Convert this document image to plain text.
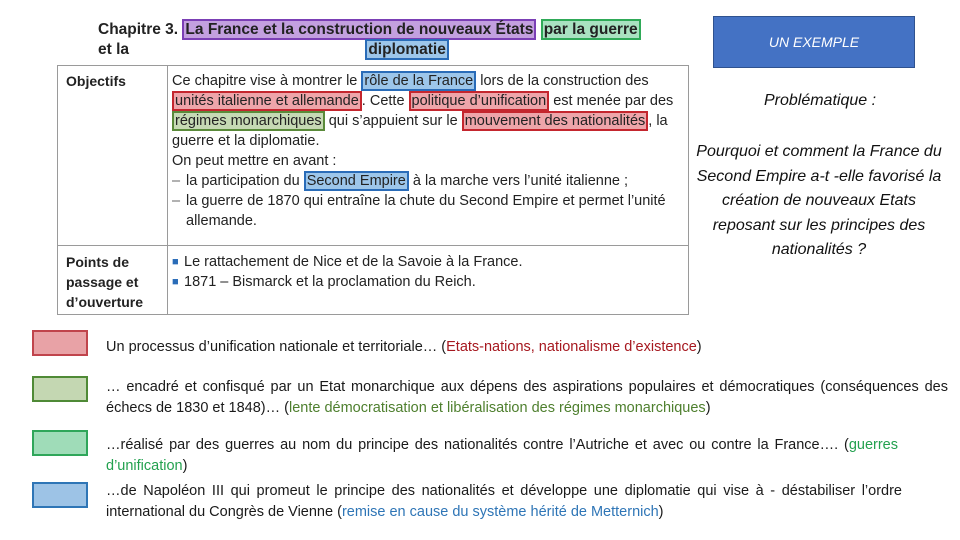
Chapitre 3. La France et la construction de nouveaux États par la guerre et la	diplomatie
Objectifs	Ce chapitre vise à montrer le rôle de la France lors de la construction des unités italienne et allemande . Cette politique d’unification est menée par des régimes monarchiques qui s’appuient sur le mouvement des nationalités , la guerre et la diplomatie.

On peut mettre en avant :

– la participation du Second Empire à la marche vers l’unité italienne ;
– la guerre de 1870 qui entraîne la chute du Second Empire et permet l’unité allemande.
Points de passage et d’ouverture
■ Le rattachement de Nice et de la Savoie à la France.
■ 1871 – Bismarck et la proclamation du Reich.
UN EXEMPLE
Problématique :
Pourquoi et comment la France du Second Empire a-t -elle favorisé la création de nouveaux Etats reposant sur les principes des nationalités ?

Un processus d’unification nationale et territoriale… (Etats-nations, nationalisme d’existence)

… encadré et confisqué par un Etat monarchique aux dépens des aspirations populaires et démocratiques (conséquences des échecs de 1830 et 1848)… (lente démocratisation et libéralisation des régimes monarchiques)

…réalisé par des guerres au nom du principe des nationalités contre l’Autriche et avec ou contre la France…. (guerres d’unification)

…de Napoléon III qui promeut le principe des nationalités et développe une diplomatie qui vise à - déstabiliser l’ordre international du Congrès de Vienne (remise en cause du système hérité de Metternich)
